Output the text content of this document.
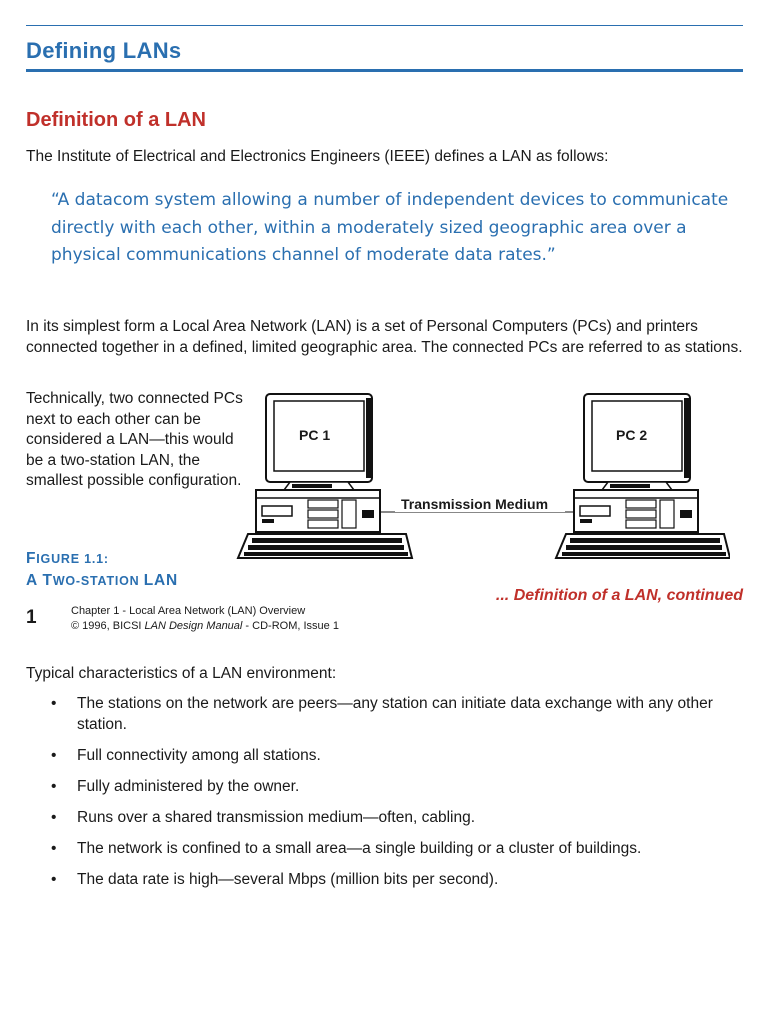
Defining LANs
Definition of a LAN

The Institute of Electrical and Electronics Engineers (IEEE) defines a LAN as follows:

“A datacom system allowing a number of independent devices to communicate directly with each other, within a moderately sized geographic area over a physical communications channel of moderate data rates.”

In its simplest form a Local Area Network (LAN) is a set of Personal Computers (PCs) and printers connected together in a defined, limited geographic area. The connected PCs are referred to as stations.

Technically, two connected PCs next to each other can be considered a LAN—this would be a two-station LAN, the smallest possible configuration.

PC 1
Transmission Medium
PC 2
FIGURE 1.1:
A TWO-STATION LAN
... Definition of a LAN, continued
1	Chapter 1 - Local Area Network (LAN) Overview
© 1996, BICSI LAN Design Manual - CD-ROM, Issue 1

Typical characteristics of a LAN environment:

• The stations on the network are peers—any station can initiate data exchange with any other station.
• Full connectivity among all stations.
• Fully administered by the owner.
• Runs over a shared transmission medium—often, cabling.
• The network is confined to a small area—a single building or a cluster of buildings.
• The data rate is high—several Mbps (million bits per second).
